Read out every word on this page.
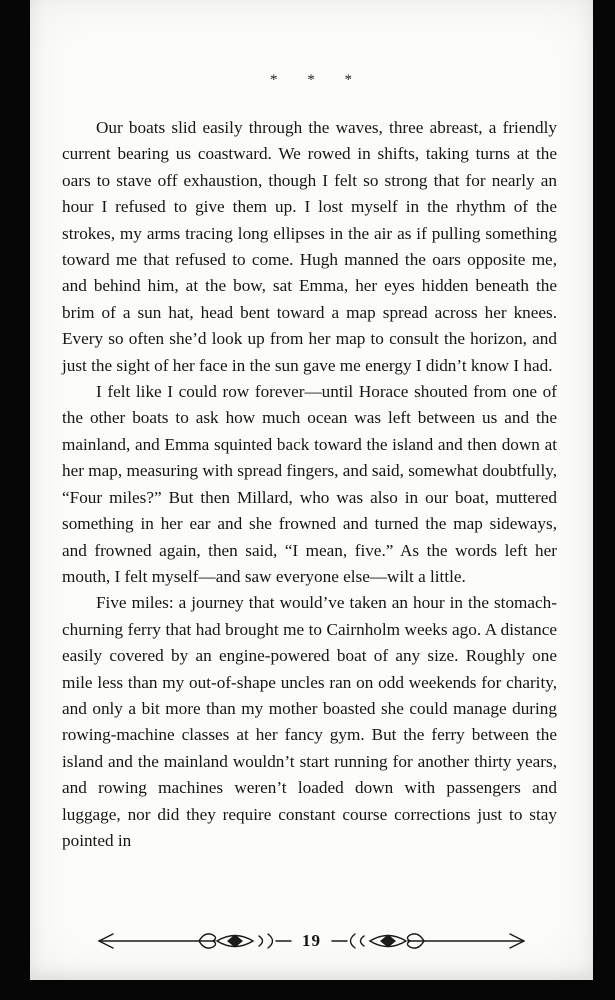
* * *

Our boats slid easily through the waves, three abreast, a friendly current bearing us coastward. We rowed in shifts, taking turns at the oars to stave off exhaustion, though I felt so strong that for nearly an hour I refused to give them up. I lost myself in the rhythm of the strokes, my arms tracing long ellipses in the air as if pulling something toward me that refused to come. Hugh manned the oars opposite me, and behind him, at the bow, sat Emma, her eyes hidden beneath the brim of a sun hat, head bent toward a map spread across her knees. Every so often she’d look up from her map to consult the horizon, and just the sight of her face in the sun gave me energy I didn’t know I had.

I felt like I could row forever—until Horace shouted from one of the other boats to ask how much ocean was left between us and the mainland, and Emma squinted back toward the island and then down at her map, measuring with spread fingers, and said, somewhat doubtfully, “Four miles?” But then Millard, who was also in our boat, muttered something in her ear and she frowned and turned the map sideways, and frowned again, then said, “I mean, five.” As the words left her mouth, I felt myself—and saw everyone else—wilt a little.

Five miles: a journey that would’ve taken an hour in the stomach-churning ferry that had brought me to Cairnholm weeks ago. A distance easily covered by an engine-powered boat of any size. Roughly one mile less than my out-of-shape uncles ran on odd weekends for charity, and only a bit more than my mother boasted she could manage during rowing-machine classes at her fancy gym. But the ferry between the island and the mainland wouldn’t start running for another thirty years, and rowing machines weren’t loaded down with passengers and luggage, nor did they require constant course corrections just to stay pointed in

19
